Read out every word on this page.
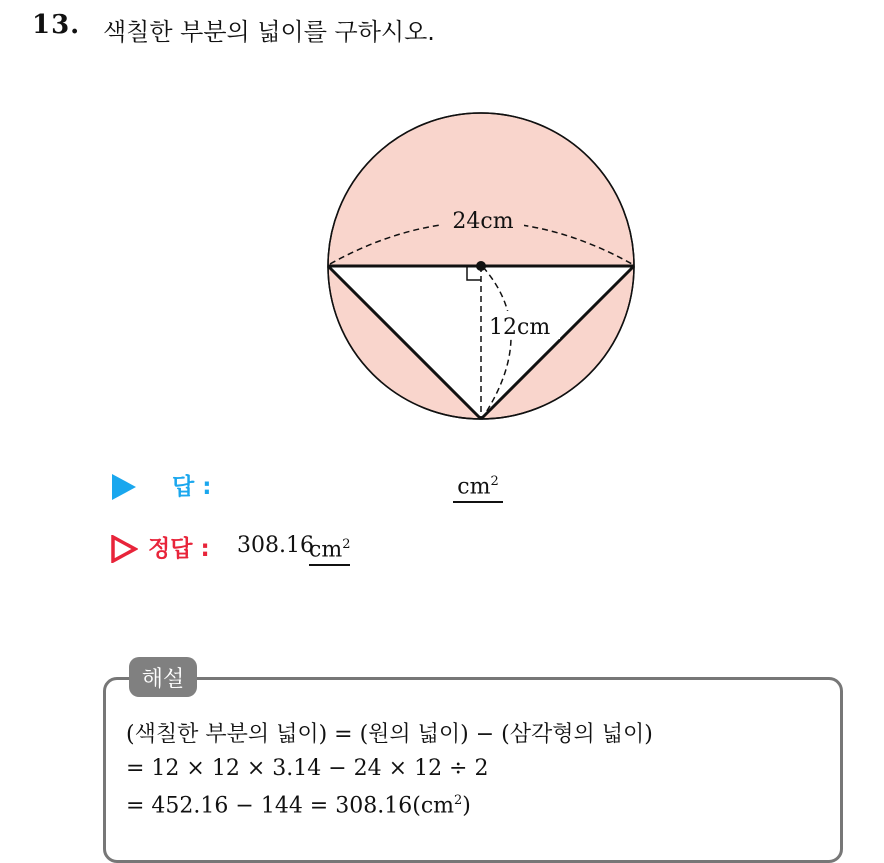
13. 색칠한 부분의 넓이를 구하시오.
24cm
12cm
답 :	$cm^2$
정답 : 308.16
$cm^2$
해설
(색칠한 부분의 넓이) = (원의 넓이) − (삼각형의 넓이)
= 12 × 12 × 3.14 − 24 × 12 ÷ 2
= $452.16 - 144 = 308.16(cm^2)$
